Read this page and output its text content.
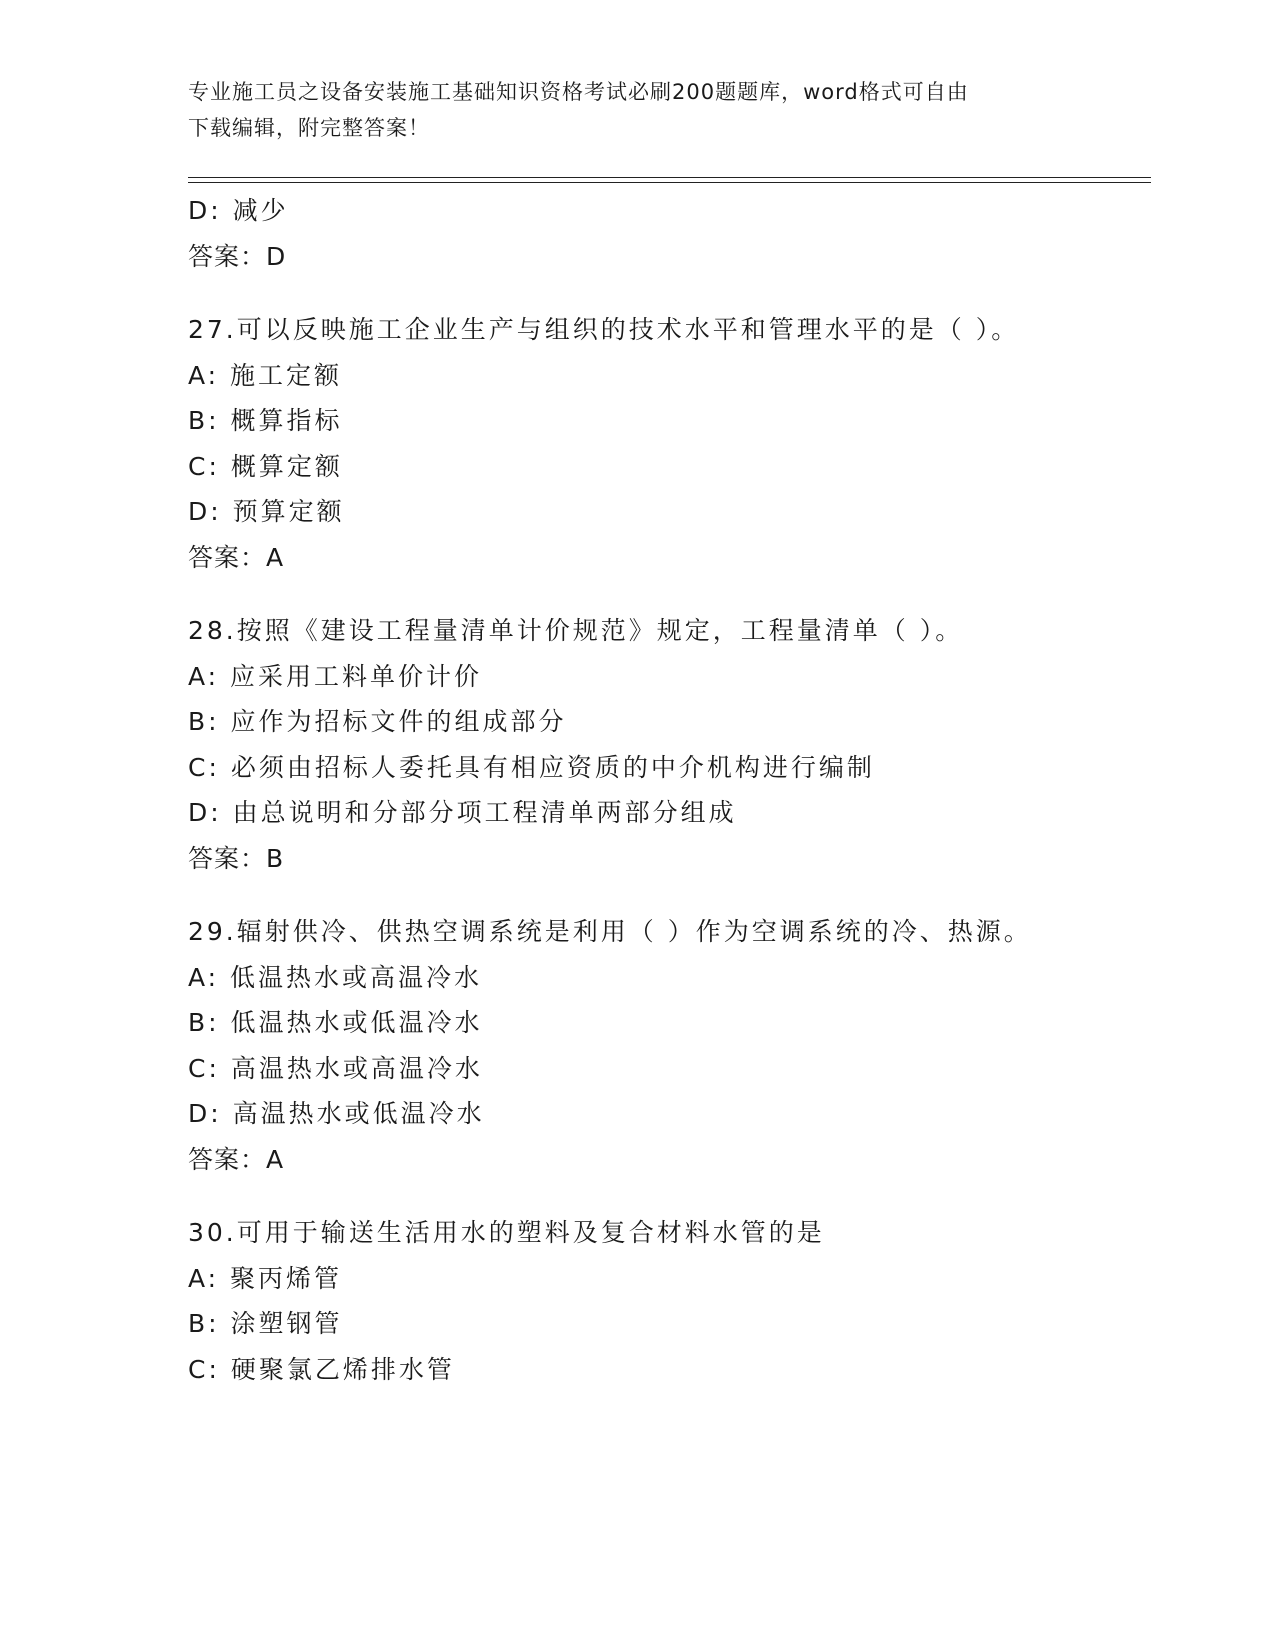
专业施工员之设备安装施工基础知识资格考试必刷200题题库，word格式可自由
下载编辑，附完整答案！
D: 减少
答案：D
27.可以反映施工企业生产与组织的技术水平和管理水平的是（ ）。
A: 施工定额
B: 概算指标
C: 概算定额
D: 预算定额
答案：A
28.按照《建设工程量清单计价规范》规定，工程量清单（ ）。
A: 应采用工料单价计价
B: 应作为招标文件的组成部分
C: 必须由招标人委托具有相应资质的中介机构进行编制
D: 由总说明和分部分项工程清单两部分组成
答案：B
29.辐射供冷、供热空调系统是利用（ ）作为空调系统的冷、热源。
A: 低温热水或高温冷水
B: 低温热水或低温冷水
C: 高温热水或高温冷水
D: 高温热水或低温冷水
答案：A
30.可用于输送生活用水的塑料及复合材料水管的是
A: 聚丙烯管
B: 涂塑钢管
C: 硬聚氯乙烯排水管
